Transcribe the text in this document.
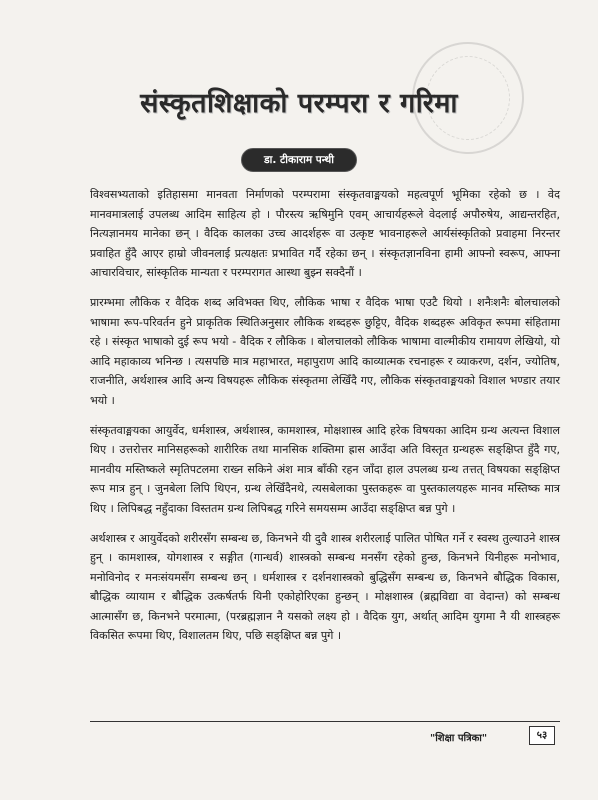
संस्कृतशिक्षाको परम्परा र गरिमा
डा. टीकाराम पन्थी

विश्वसभ्यताको इतिहासमा मानवता निर्माणको परम्परामा संस्कृतवाङ्मयको महत्वपूर्ण भूमिका रहेको छ । वेद मानवमात्रलाई उपलब्ध आदिम साहित्य हो । पौरस्त्य ऋषिमुनि एवम् आचार्यहरूले वेदलाई अपौरुषेय, आद्यन्तरहित, नित्यज्ञानमय मानेका छन् । वैदिक कालका उच्च आदर्शहरू वा उत्कृष्ट भावनाहरूले आर्यसंस्कृतिको प्रवाहमा निरन्तर प्रवाहित हुँदै आएर हाम्रो जीवनलाई प्रत्यक्षतः प्रभावित गर्दै रहेका छन् । संस्कृतज्ञानविना हामी आफ्नो स्वरूप, आफ्ना आचारविचार, सांस्कृतिक मान्यता र परम्परागत आस्था बुझ्न सक्दैनौं ।

प्रारम्भमा लौकिक र वैदिक शब्द अविभक्त थिए, लौकिक भाषा र वैदिक भाषा एउटै थियो । शनैःशनैः बोलचालको भाषामा रूप-परिवर्तन हुने प्राकृतिक स्थितिअनुसार लौकिक शब्दहरू छुट्टिए, वैदिक शब्दहरू अविकृत रूपमा संहितामा रहे । संस्कृत भाषाको दुई रूप भयो - वैदिक र लौकिक । बोलचालको लौकिक भाषामा वाल्मीकीय रामायण लेखियो, यो आदि महाकाव्य भनिन्छ । त्यसपछि मात्र महाभारत, महापुराण आदि काव्यात्मक रचनाहरू र व्याकरण, दर्शन, ज्योतिष, राजनीति, अर्थशास्त्र आदि अन्य विषयहरू लौकिक संस्कृतमा लेखिँदै गए, लौकिक संस्कृतवाङ्मयको विशाल भण्डार तयार भयो ।

संस्कृतवाङ्मयका आयुर्वेद, धर्मशास्त्र, अर्थशास्त्र, कामशास्त्र, मोक्षशास्त्र आदि हरेक विषयका आदिम ग्रन्थ अत्यन्त विशाल थिए । उत्तरोत्तर मानिसहरूको शारीरिक तथा मानसिक शक्तिमा ह्रास आउँदा अति विस्तृत ग्रन्थहरू सङ्क्षिप्त हुँदै गए, मानवीय मस्तिष्कले स्मृतिपटलमा राख्न सकिने अंश मात्र बाँकी रहन जाँदा हाल उपलब्ध ग्रन्थ तत्तत् विषयका सङ्क्षिप्त रूप मात्र हुन् । जुनबेला लिपि थिएन, ग्रन्थ लेखिँदैनथे, त्यसबेलाका पुस्तकहरू वा पुस्तकालयहरू मानव मस्तिष्क मात्र थिए । लिपिबद्ध नहुँदाका विस्ततम ग्रन्थ लिपिबद्ध गरिने समयसम्म आउँदा सङ्क्षिप्त बन्न पुगे ।

अर्थशास्त्र र आयुर्वेदको शरीरसँग सम्बन्ध छ, किनभने यी दुवै शास्त्र शरीरलाई पालित पोषित गर्ने र स्वस्थ तुल्याउने शास्त्र हुन् । कामशास्त्र, योगशास्त्र र सङ्गीत (गान्धर्व) शास्त्रको सम्बन्ध मनसँग रहेको हुन्छ, किनभने यिनीहरू मनोभाव, मनोविनोद र मनःसंयमसँग सम्बन्ध छन् । धर्मशास्त्र र दर्शनशास्त्रको बुद्धिसँग सम्बन्ध छ, किनभने बौद्धिक विकास, बौद्धिक व्यायाम र बौद्धिक उत्कर्षतर्फ यिनी एकोहोरिएका हुन्छन् । मोक्षशास्त्र (ब्रह्मविद्या वा वेदान्त) को सम्बन्ध आत्मासँग छ, किनभने परमात्मा, (परब्रह्मज्ञान नै यसको लक्ष्य हो । वैदिक युग, अर्थात् आदिम युगमा नै यी शास्त्रहरू विकसित रूपमा थिए, विशालतम थिए, पछि सङ्क्षिप्त बन्न पुगे ।

"शिक्षा पत्रिका"	५३
